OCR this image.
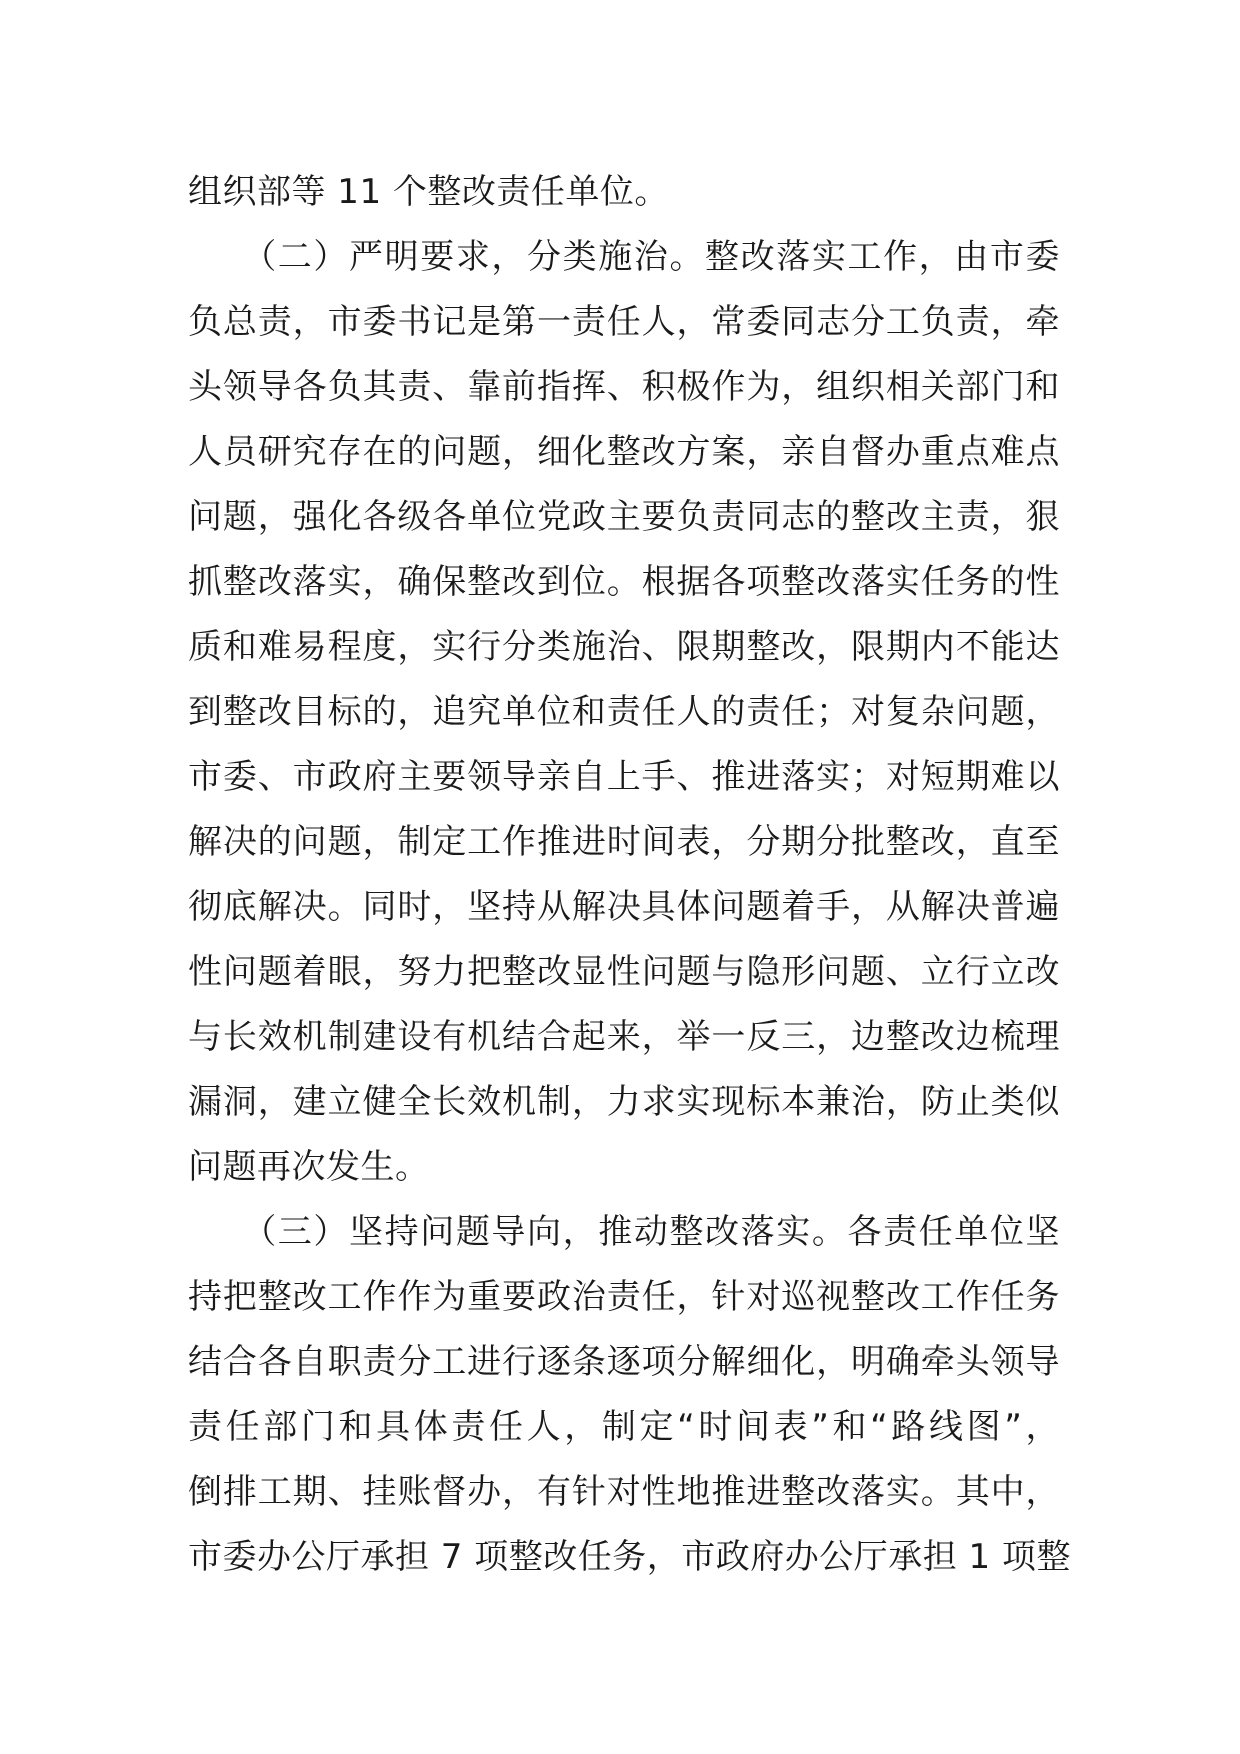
组织部等 11 个整改责任单位。
　　（二）严明要求，分类施治。整改落实工作，由市委
负总责，市委书记是第一责任人，常委同志分工负责，牵
头领导各负其责、靠前指挥、积极作为，组织相关部门和
人员研究存在的问题，细化整改方案，亲自督办重点难点
问题，强化各级各单位党政主要负责同志的整改主责，狠
抓整改落实，确保整改到位。根据各项整改落实任务的性
质和难易程度，实行分类施治、限期整改，限期内不能达
到整改目标的，追究单位和责任人的责任；对复杂问题，
市委、市政府主要领导亲自上手、推进落实；对短期难以
解决的问题，制定工作推进时间表，分期分批整改，直至
彻底解决。同时，坚持从解决具体问题着手，从解决普遍
性问题着眼，努力把整改显性问题与隐形问题、立行立改
与长效机制建设有机结合起来，举一反三，边整改边梳理
漏洞，建立健全长效机制，力求实现标本兼治，防止类似
问题再次发生。
　　（三）坚持问题导向，推动整改落实。各责任单位坚
持把整改工作作为重要政治责任，针对巡视整改工作任务
结合各自职责分工进行逐条逐项分解细化，明确牵头领导
责任部门和具体责任人，制定“时间表”和“路线图”，
倒排工期、挂账督办，有针对性地推进整改落实。其中，
市委办公厅承担 7 项整改任务，市政府办公厅承担 1 项整
